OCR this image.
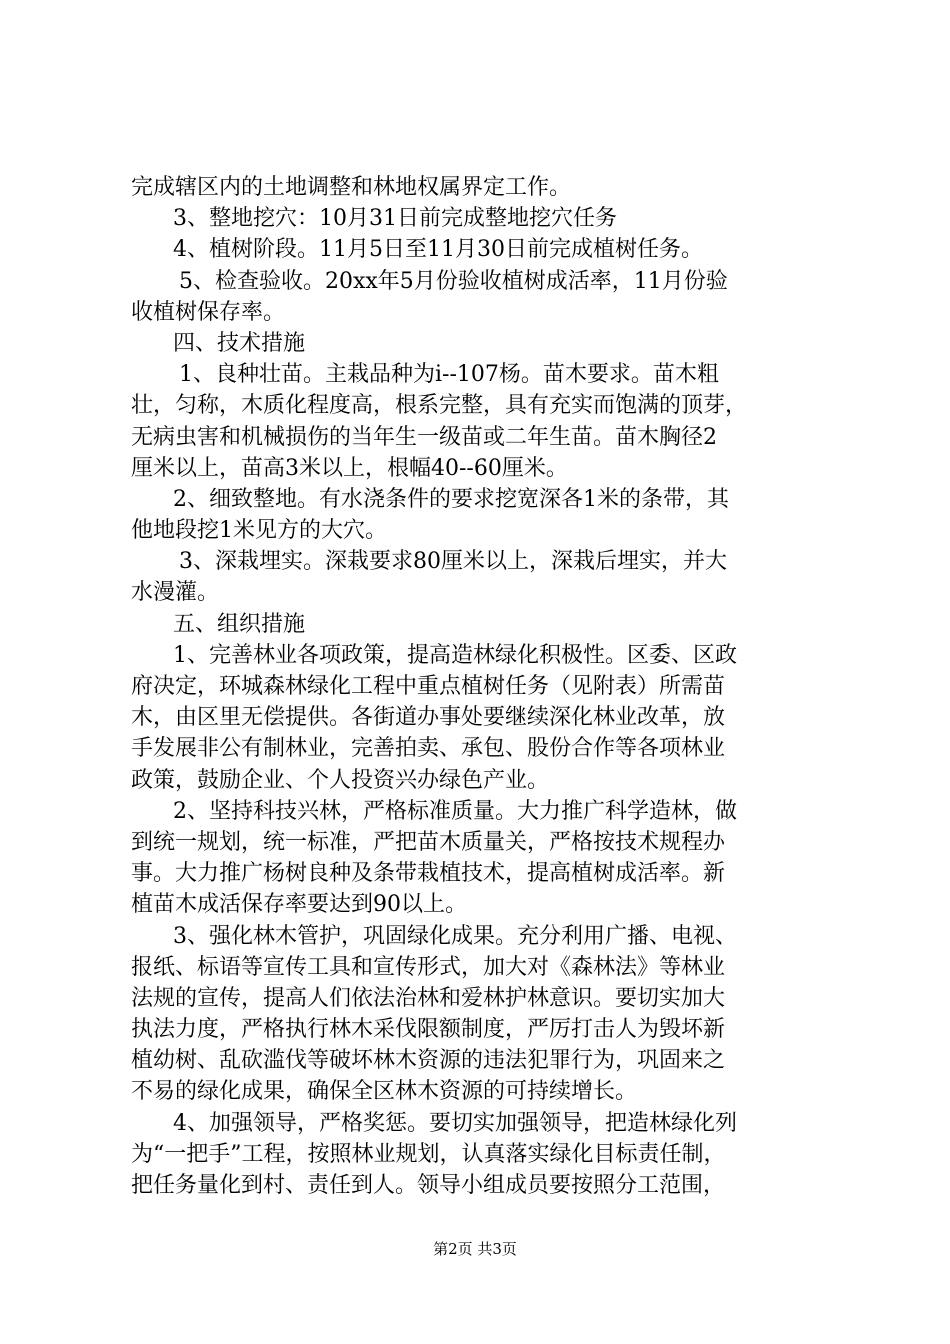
完成辖区内的土地调整和林地权属界定工作。
3、整地挖穴：10月31日前完成整地挖穴任务
4、植树阶段。11月5日至11月30日前完成植树任务。
5、检查验收。20xx年5月份验收植树成活率，11月份验
收植树保存率。
四、技术措施
1、良种壮苗。主栽品种为i--107杨。苗木要求。苗木粗
壮，匀称，木质化程度高，根系完整，具有充实而饱满的顶芽，
无病虫害和机械损伤的当年生一级苗或二年生苗。苗木胸径2
厘米以上，苗高3米以上，根幅40--60厘米。
2、细致整地。有水浇条件的要求挖宽深各1米的条带，其
他地段挖1米见方的大穴。
3、深栽埋实。深栽要求80厘米以上，深栽后埋实，并大
水漫灌。
五、组织措施
1、完善林业各项政策，提高造林绿化积极性。区委、区政
府决定，环城森林绿化工程中重点植树任务（见附表）所需苗
木，由区里无偿提供。各街道办事处要继续深化林业改革，放
手发展非公有制林业，完善拍卖、承包、股份合作等各项林业
政策，鼓励企业、个人投资兴办绿色产业。
2、坚持科技兴林，严格标准质量。大力推广科学造林，做
到统一规划，统一标准，严把苗木质量关，严格按技术规程办
事。大力推广杨树良种及条带栽植技术，提高植树成活率。新
植苗木成活保存率要达到90以上。
3、强化林木管护，巩固绿化成果。充分利用广播、电视、
报纸、标语等宣传工具和宣传形式，加大对《森林法》等林业
法规的宣传，提高人们依法治林和爱林护林意识。要切实加大
执法力度，严格执行林木采伐限额制度，严厉打击人为毁坏新
植幼树、乱砍滥伐等破坏林木资源的违法犯罪行为，巩固来之
不易的绿化成果，确保全区林木资源的可持续增长。
4、加强领导，严格奖惩。要切实加强领导，把造林绿化列
为“一把手”工程，按照林业规划，认真落实绿化目标责任制，
把任务量化到村、责任到人。领导小组成员要按照分工范围，
第2页 共3页
